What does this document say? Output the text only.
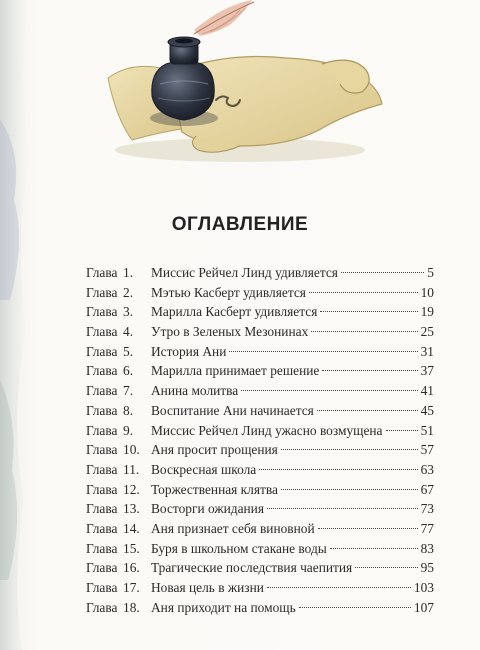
ОГЛАВЛЕНИЕ
Глава 1.	Миссис Рейчел Линд удивляется	5
Глава 2.	Мэтью Касберт удивляется	10
Глава 3.	Марилла Касберт удивляется	19
Глава 4.	Утро в Зеленых Мезонинах	25
Глава 5.	История Ани	31
Глава 6.	Марилла принимает решение	37
Глава 7.	Анина молитва	41
Глава 8.	Воспитание Ани начинается	45
Глава 9.	Миссис Рейчел Линд ужасно возмущена	51
Глава 10. Аня просит прощения	57
Глава 11. Воскресная школа	63
Глава 12. Торжественная клятва	67
Глава 13. Восторги ожидания	73
Глава 14. Аня признает себя виновной	77
Глава 15. Буря в школьном стакане воды	83
Глава 16. Трагические последствия чаепития	95
Глава 17. Новая цель в жизни	103
Глава 18. Аня приходит на помощь	107
